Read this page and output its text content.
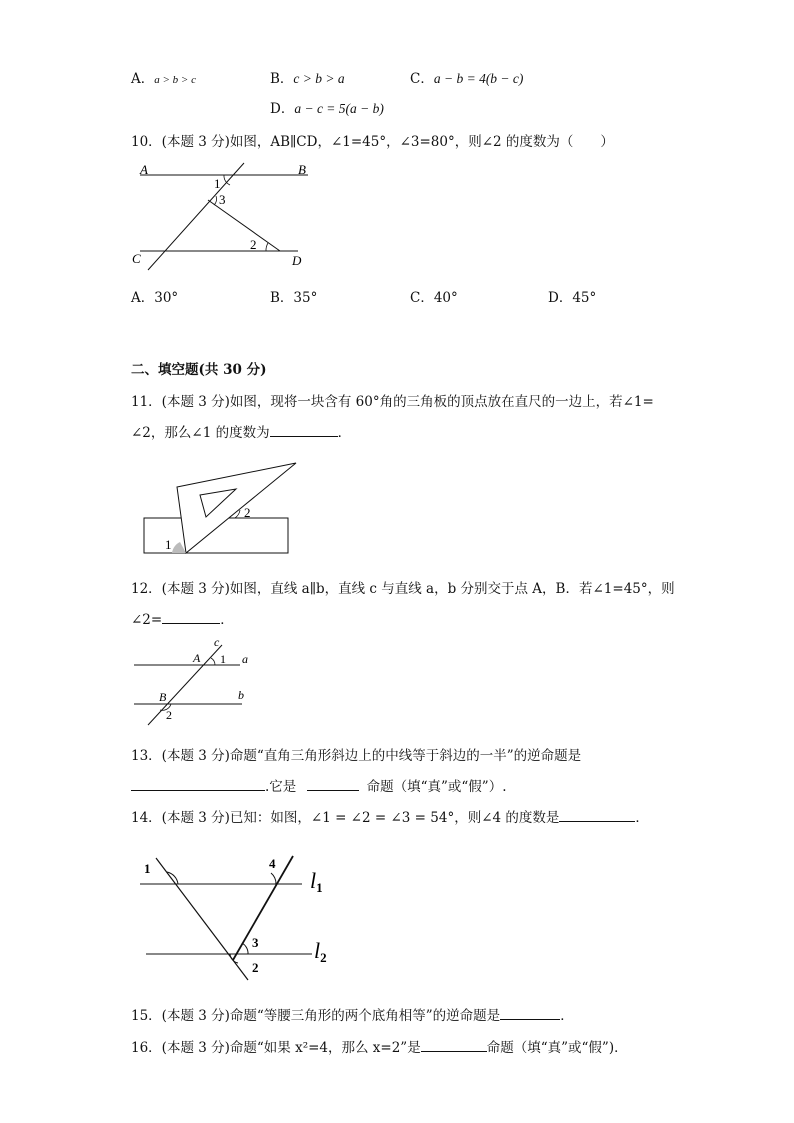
A．a > b > c	B．c > b > a	C．a − b = 4(b − c)
D．a − c = 5(a − b)
10．(本题 3 分)如图，AB∥CD，∠1=45°，∠3=80°，则∠2 的度数为（　　）
A	B
C	D
1
3
2
A．30°	B．35°	C．40°	D．45°
二、填空题(共 30 分)
11．(本题 3 分)如图，现将一块含有 60°角的三角板的顶点放在直尺的一边上，若∠1=
∠2，那么∠1 的度数为	．
1
2
12．(本题 3 分)如图，直线 a∥b，直线 c 与直线 a，b 分别交于点 A，B．若∠1=45°，则
∠2=	．
c
a
b
A
B
1
2
13．(本题 3 分)命题“直角三角形斜边上的中线等于斜边的一半”的逆命题是
.它是	命题（填“真”或“假”）.
14．(本题 3 分)已知：如图，∠1 = ∠2 = ∠3 = 54°，则∠4 的度数是	．
1	4
3
2
l1
l2
15．(本题 3 分)命题“等腰三角形的两个底角相等”的逆命题是	．
16．(本题 3 分)命题“如果 x²=4，那么 x=2”是	命题（填“真”或“假”)．
